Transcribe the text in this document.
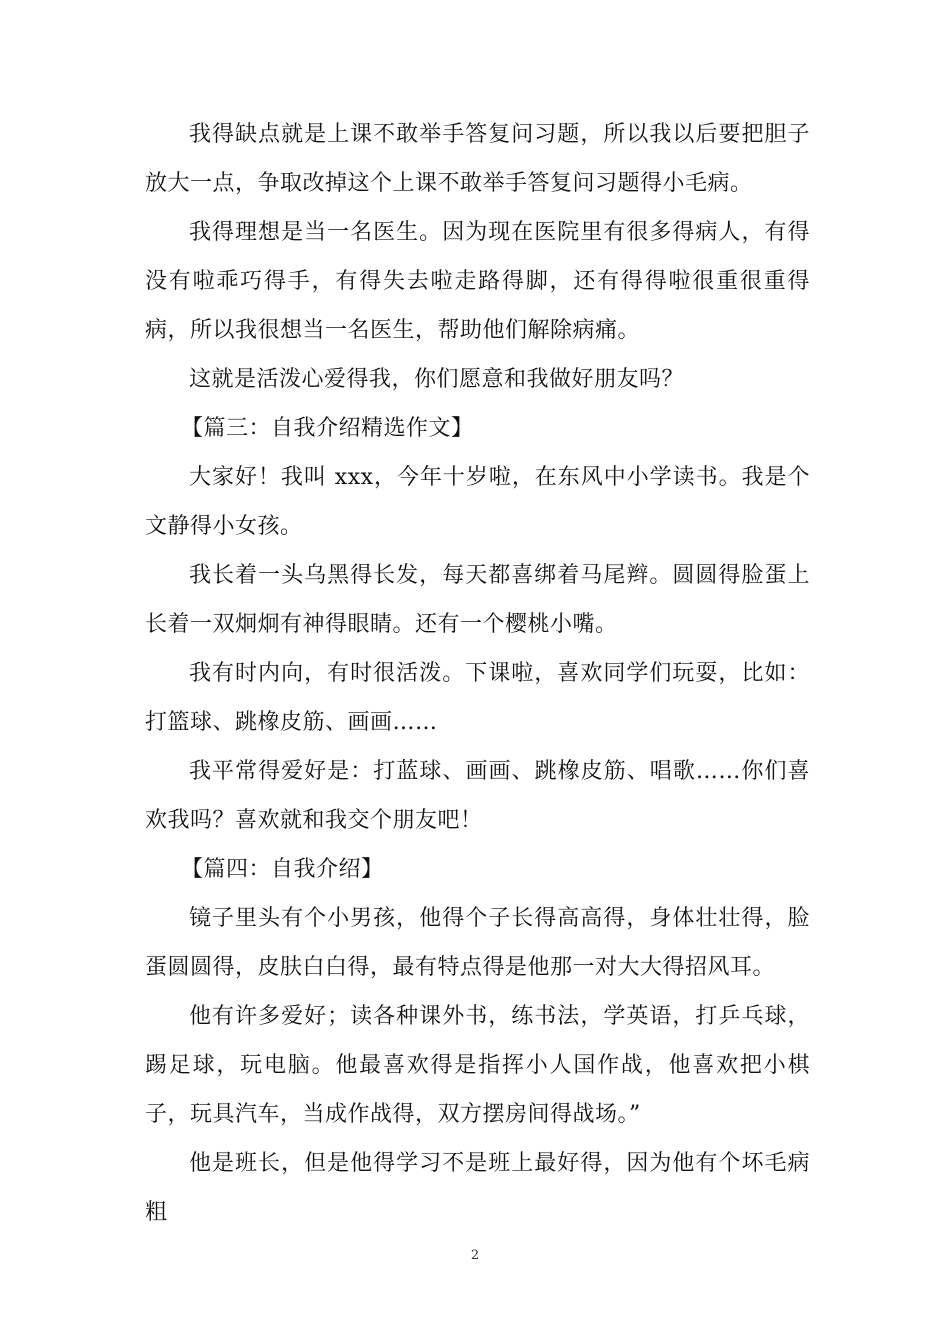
我得缺点就是上课不敢举手答复问习题，所以我以后要把胆子放大一点，争取改掉这个上课不敢举手答复问习题得小毛病。

我得理想是当一名医生。因为现在医院里有很多得病人，有得没有啦乖巧得手，有得失去啦走路得脚，还有得得啦很重很重得病，所以我很想当一名医生，帮助他们解除病痛。

这就是活泼心爱得我，你们愿意和我做好朋友吗？

【篇三：自我介绍精选作文】

大家好！我叫 xxx，今年十岁啦，在东风中小学读书。我是个文静得小女孩。

我长着一头乌黑得长发，每天都喜绑着马尾辫。圆圆得脸蛋上长着一双炯炯有神得眼睛。还有一个樱桃小嘴。

我有时内向，有时很活泼。下课啦，喜欢同学们玩耍，比如：打篮球、跳橡皮筋、画画……

我平常得爱好是：打蓝球、画画、跳橡皮筋、唱歌……你们喜欢我吗？喜欢就和我交个朋友吧！

【篇四：自我介绍】

镜子里头有个小男孩，他得个子长得高高得，身体壮壮得，脸蛋圆圆得，皮肤白白得，最有特点得是他那一对大大得招风耳。

他有许多爱好；读各种课外书，练书法，学英语，打乒乓球，踢足球，玩电脑。他最喜欢得是指挥小人国作战，他喜欢把小棋子，玩具汽车，当成作战得，双方摆房间得战场。”

他是班长，但是他得学习不是班上最好得，因为他有个坏毛病粗

2
